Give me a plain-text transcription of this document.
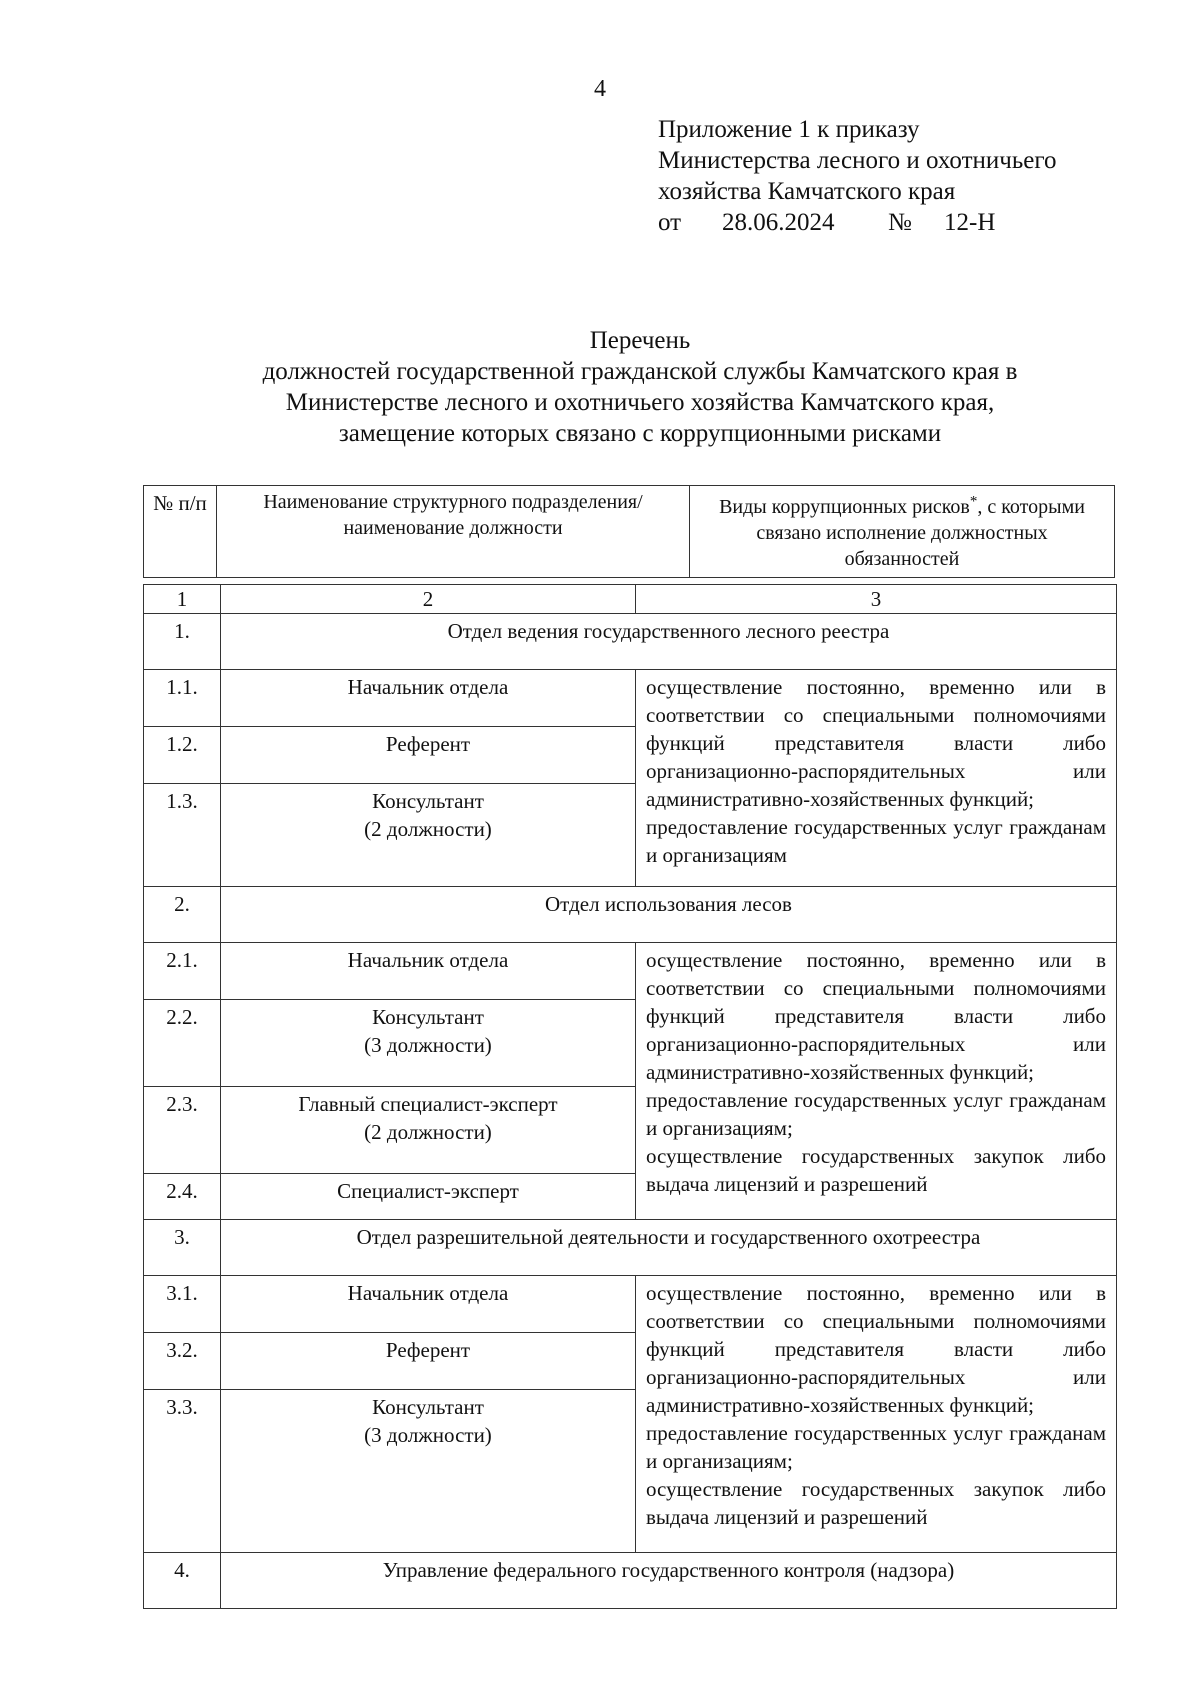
4
Приложение 1 к приказу
Министерства лесного и охотничьего
хозяйства Камчатского края
от 28.06.2024 № 12-Н
Перечень
должностей государственной гражданской службы Камчатского края в
Министерстве лесного и охотничьего хозяйства Камчатского края,
замещение которых связано с коррупционными рисками
№ п/п	Наименование структурного подразделения/ наименование должности	Виды коррупционных рисков*, с которыми связано исполнение должностных обязанностей
1	2	3
1.	Отдел ведения государственного лесного реестра	
1.1.	Начальник отдела	осуществление постоянно, временно или в соответствии со специальными полномочиями функций представителя власти либо организационно-распорядительных или административно-хозяйственных функций;
предоставление государственных услуг гражданам и организациям

1.2.	Референт	

1.3.	Консультант
(2 должности)	

2.	Отдел использования лесов	
2.1.	Начальник отдела	осуществление постоянно, временно или в соответствии со специальными полномочиями функций представителя власти либо организационно-распорядительных или административно-хозяйственных функций;
предоставление государственных услуг гражданам и организациям;
осуществление государственных закупок либо выдача лицензий и разрешений

2.2.	Консультант
(3 должности)	

2.3.	Главный специалист-эксперт
(2 должности)	

2.4.	Специалист-эксперт	

3.	Отдел разрешительной деятельности и государственного охотреестра	
3.1.	Начальник отдела	осуществление постоянно, временно или в соответствии со специальными полномочиями функций представителя власти либо организационно-распорядительных или административно-хозяйственных функций;
предоставление государственных услуг гражданам и организациям;
осуществление государственных закупок либо выдача лицензий и разрешений

3.2.	Референт	

3.3.	Консультант
(3 должности)	

4.	Управление федерального государственного контроля (надзора)	
